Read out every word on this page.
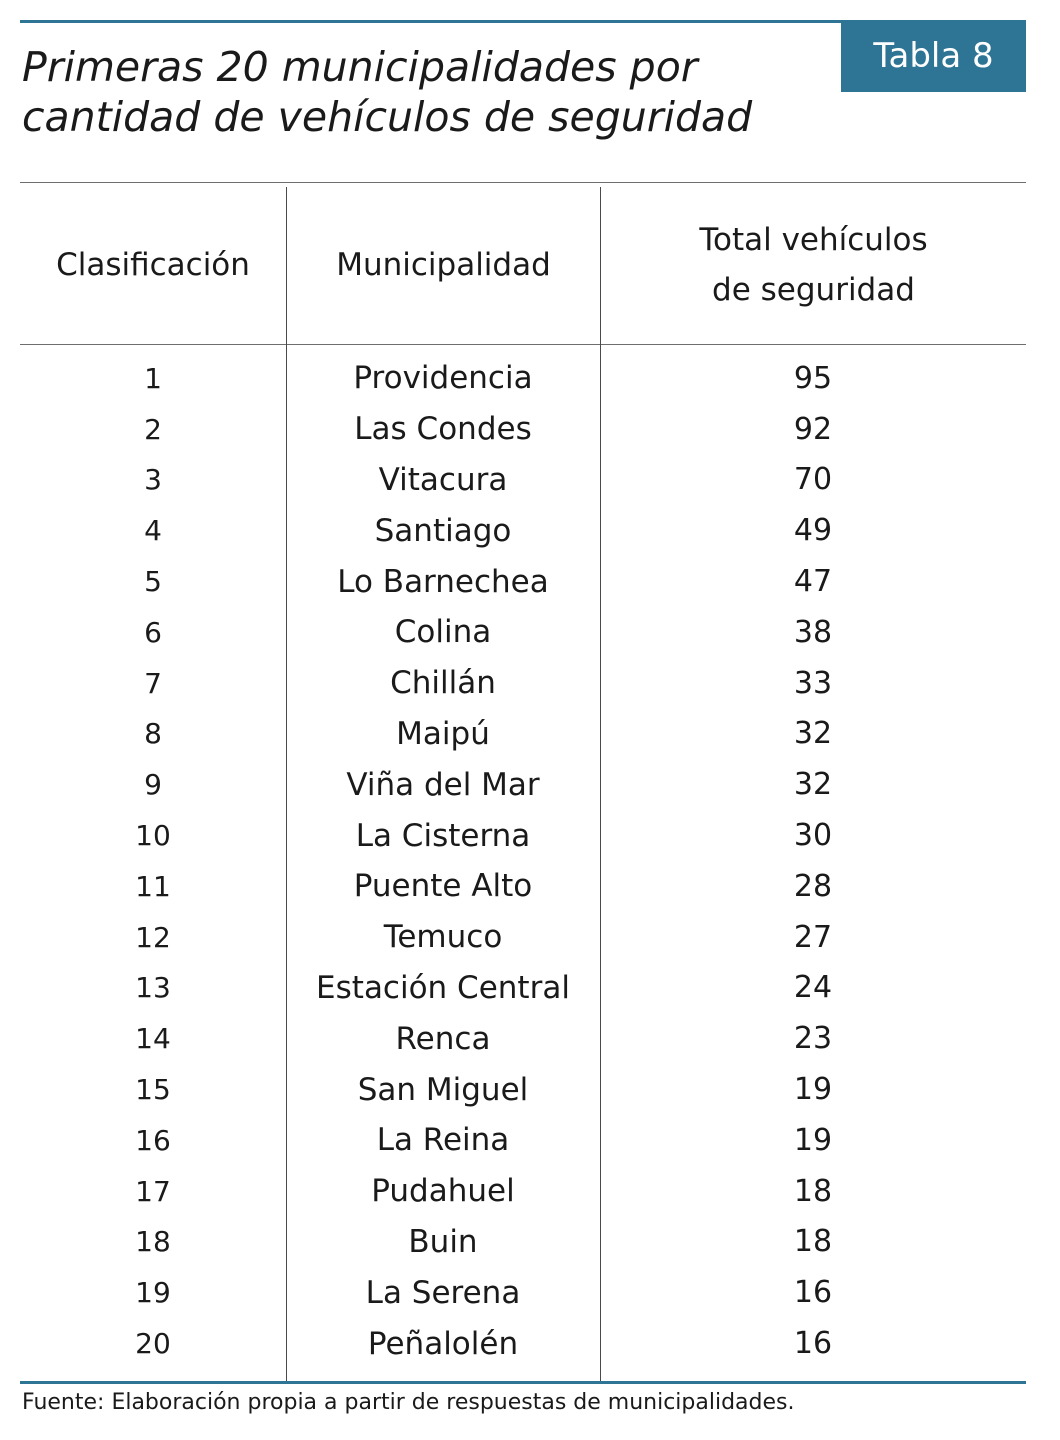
Tabla 8
Primeras 20 municipalidades por cantidad de vehículos de seguridad
Clasificación	Municipalidad
Total vehículos
de seguridad
1	Providencia	95
2	Las Condes	92
3	Vitacura	70
4	Santiago	49
5	Lo Barnechea	47
6	Colina	38
7	Chillán	33
8	Maipú	32
9	Viña del Mar	32
10	La Cisterna	30
11	Puente Alto	28
12	Temuco	27
13	Estación Central	24
14	Renca	23
15	San Miguel	19
16	La Reina	19
17	Pudahuel	18
18	Buin	18
19	La Serena	16
20	Peñalolén	16
Fuente: Elaboración propia a partir de respuestas de municipalidades.
